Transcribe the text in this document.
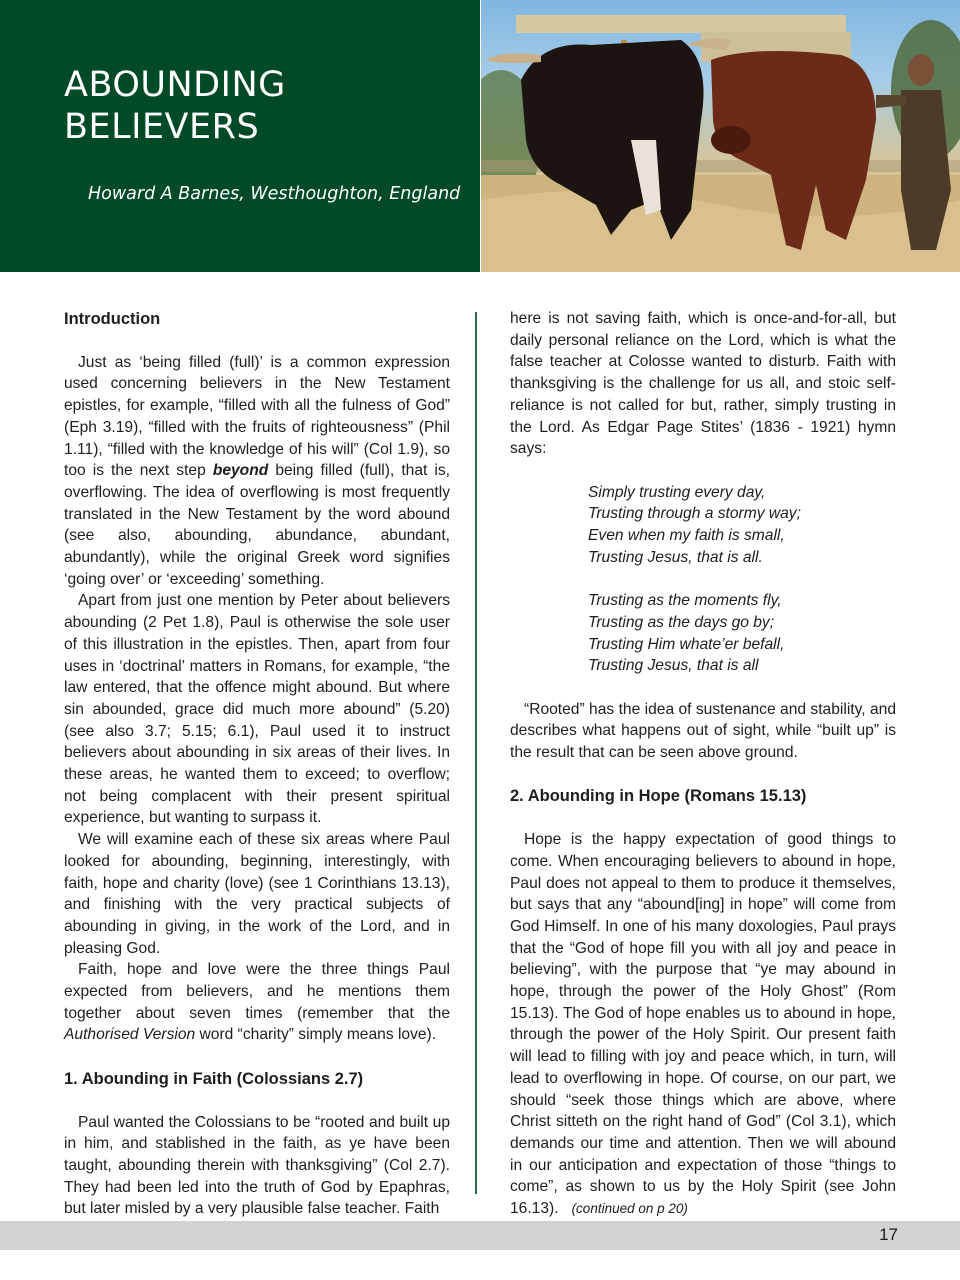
ABOUNDING
BELIEVERS
Howard A Barnes, Westhoughton, England
Introduction

Just as ‘being filled (full)’ is a common expression used concerning believers in the New Testament epistles, for example, “filled with all the fulness of God” (Eph 3.19), “filled with the fruits of righteousness” (Phil 1.11), “filled with the knowledge of his will” (Col 1.9), so too is the next step beyond being filled (full), that is, overflowing. The idea of overflowing is most frequently translated in the New Testament by the word abound (see also, abounding, abundance, abundant, abundantly), while the original Greek word signifies ‘going over’ or ‘exceeding’ something.

Apart from just one mention by Peter about believers abounding (2 Pet 1.8), Paul is otherwise the sole user of this illustration in the epistles. Then, apart from four uses in ‘doctrinal’ matters in Romans, for example, “the law entered, that the offence might abound. But where sin abounded, grace did much more abound” (5.20) (see also 3.7; 5.15; 6.1), Paul used it to instruct believers about abounding in six areas of their lives. In these areas, he wanted them to exceed; to overflow; not being complacent with their present spiritual experience, but wanting to surpass it.

We will examine each of these six areas where Paul looked for abounding, beginning, interestingly, with faith, hope and charity (love) (see 1 Corinthians 13.13), and finishing with the very practical subjects of abounding in giving, in the work of the Lord, and in pleasing God.

Faith, hope and love were the three things Paul expected from believers, and he mentions them together about seven times (remember that the Authorised Version word “charity” simply means love).

1. Abounding in Faith (Colossians 2.7)

Paul wanted the Colossians to be “rooted and built up in him, and stablished in the faith, as ye have been taught, abounding therein with thanksgiving” (Col 2.7). They had been led into the truth of God by Epaphras, but later misled by a very plausible false teacher. Faith

here is not saving faith, which is once-and-for-all, but daily personal reliance on the Lord, which is what the false teacher at Colosse wanted to disturb. Faith with thanksgiving is the challenge for us all, and stoic self-reliance is not called for but, rather, simply trusting in the Lord. As Edgar Page Stites’ (1836 - 1921) hymn says:

Simply trusting every day,
Trusting through a stormy way;
Even when my faith is small,
Trusting Jesus, that is all.
Trusting as the moments fly,
Trusting as the days go by;
Trusting Him whate’er befall,
Trusting Jesus, that is all

“Rooted” has the idea of sustenance and stability, and describes what happens out of sight, while “built up” is the result that can be seen above ground.

2. Abounding in Hope (Romans 15.13)

Hope is the happy expectation of good things to come. When encouraging believers to abound in hope, Paul does not appeal to them to produce it themselves, but says that any “abound[ing] in hope” will come from God Himself. In one of his many doxologies, Paul prays that the “God of hope fill you with all joy and peace in believing”, with the purpose that “ye may abound in hope, through the power of the Holy Ghost” (Rom 15.13). The God of hope enables us to abound in hope, through the power of the Holy Spirit. Our present faith will lead to filling with joy and peace which, in turn, will lead to overflowing in hope. Of course, on our part, we should “seek those things which are above, where Christ sitteth on the right hand of God” (Col 3.1), which demands our time and attention. Then we will abound in our anticipation and expectation of those “things to come”, as shown to us by the Holy Spirit (see John 16.13). (continued on p 20)

17
